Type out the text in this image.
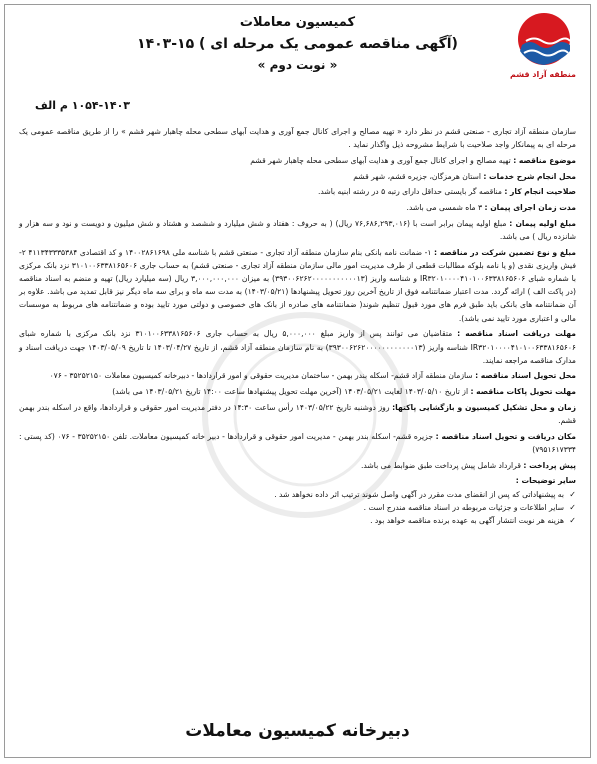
منطقه آزاد قشم
کمیسیون معاملات
(آگهی مناقصه عمومی یک مرحله ای ) ۱۵-۱۴۰۳
« نوبت دوم »
۱۰۵۴-۱۴۰۳ م الف

سازمان منطقه آزاد تجاری - صنعتی قشم در نظر دارد « تهیه مصالح و اجرای کانال جمع آوری و هدایت آبهای سطحی محله چاهبار شهر قشم » را از طریق مناقصه عمومی یک مرحله ای به پیمانکار واجد صلاحیت با شرایط مشروحه ذیل واگذار نماید .

موضوع مناقصه : تهیه مصالح و اجرای کانال جمع آوری و هدایت آبهای سطحی محله چاهبار شهر قشم

محل انجام شرح خدمات : استان هرمزگان، جزیره قشم، شهر قشم

صلاحیت انجام کار : مناقصه گر بایستی حداقل دارای رتبه ۵ در رشته ابنیه باشد.

مدت زمان اجرای پیمان : ۳ ماه شمسی می باشد.

مبلغ اولیه پیمان : مبلغ اولیه پیمان برابر است با (۷۶,۶۸۶,۲۹۳,۰۱۶ ریال) ( به حروف : هفتاد و شش میلیارد و ششصد و هشتاد و شش میلیون و دویست و نود و سه هزار و شانزده ریال ) می باشد.

مبلغ و نوع تضمین شرکت در مناقصه : ۱- ضمانت نامه بانکی بنام سازمان منطقه آزاد تجاری - صنعتی قشم با شناسه ملی ۱۴۰۰۲۸۶۱۶۹۸ و کد اقتصادی ۴۱۱۳۴۳۳۳۵۳۸۴ ۲- فیش واریزی نقدی (و یا نامه بلوکه مطالبات قطعی از طرف مدیریت امور مالی سازمان منطقه آزاد تجاری - صنعتی قشم) به حساب جاری ۳۱۰۱۰۰۶۳۳۸۱۶۵۶۰۶ نزد بانک مرکزی با شماره شبای IR۳۲۰۱۰۰۰۰۴۱۰۱۰۰۶۳۳۸۱۶۵۶۰۶ و شناسه واریز (۳۹۳۰۰۶۲۶۲۰۰۰۰۰۰۰۰۰۰۰۱۳) به میزان ۳,۰۰۰,۰۰۰,۰۰۰ ریال (سه میلیارد ریال) تهیه و منضم به اسناد مناقصه (در پاکت الف ) ارائه گردد. مدت اعتبار ضمانتنامه فوق از تاریخ آخرین روز تحویل پیشنهادها (۱۴۰۳/۰۵/۲۱) به مدت سه ماه و برای سه ماه دیگر نیز قابل تمدید می باشد. علاوه بر آن ضمانتنامه های بانکی باید طبق فرم های مورد قبول تنظیم شوند( ضمانتنامه های صادره از بانک های خصوصی و دولتی مورد تایید بوده و ضمانتنامه های مربوط به موسسات مالی و اعتباری مورد تایید نمی باشد).

مهلت دریافت اسناد مناقصه : متقاضیان می توانند پس از واریز مبلغ ۵,۰۰۰,۰۰۰ ریال به حساب جاری ۳۱۰۱۰۰۶۳۳۸۱۶۵۶۰۶ نزد بانک مرکزی با شماره شبای IR۳۲۰۱۰۰۰۰۴۱۰۱۰۰۶۳۳۸۱۶۵۶۰۶ شناسه واریز (۳۹۳۰۰۶۲۶۲۰۰۰۰۰۰۰۰۰۰۰۰۱۳) به نام سازمان منطقه آزاد قشم، از تاریخ ۱۴۰۳/۰۴/۲۷ تا تاریخ ۱۴۰۳/۰۵/۰۹ جهت دریافت اسناد و مدارک مناقصه مراجعه نمایند.

محل تحویل اسناد مناقصه : سازمان منطقه آزاد قشم- اسکله بندر بهمن - ساختمان مدیریت حقوقی و امور قراردادها - دبیرخانه کمیسیون معاملات ۳۵۲۵۲۱۵۰ - ۰۷۶

مهلت تحویل پاکات مناقصه : از تاریخ ۱۴۰۳/۰۵/۱۰ لغایت ۱۴۰۳/۰۵/۲۱ (آخرین مهلت تحویل پیشنهادها ساعت ۱۴:۰۰ تاریخ ۱۴۰۳/۰۵/۲۱ می باشد)

زمان و محل تشکیل کمیسیون و بازگشایی پاکتها: روز دوشنبه تاریخ ۱۴۰۳/۰۵/۲۲ رأس ساعت ۱۴:۳۰ در دفتر مدیریت امور حقوقی و قراردادها، واقع در اسکله بندر بهمن قشم.

مکان دریافت و تحویل اسناد مناقصه : جزیره قشم- اسکله بندر بهمن - مدیریت امور حقوقی و قراردادها - دبیر خانه کمیسیون معاملات. تلفن ۳۵۲۵۲۱۵۰ - ۰۷۶ (کد پستی : ۷۹۵۱۶۱۷۳۳۴)

پیش پرداخت : قرارداد شامل پیش پرداخت طبق ضوابط می باشد.

سایر توضیحات :
✓
به پیشنهاداتی که پس از انقضای مدت مقرر در آگهی واصل شوند ترتیب اثر داده نخواهد شد .
✓
سایر اطلاعات و جزئیات مربوطه در اسناد مناقصه مندرج است .
✓
هزینه هر نوبت انتشار آگهی به عهده برنده مناقصه خواهد بود .
دبیرخانه کمیسیون معاملات
